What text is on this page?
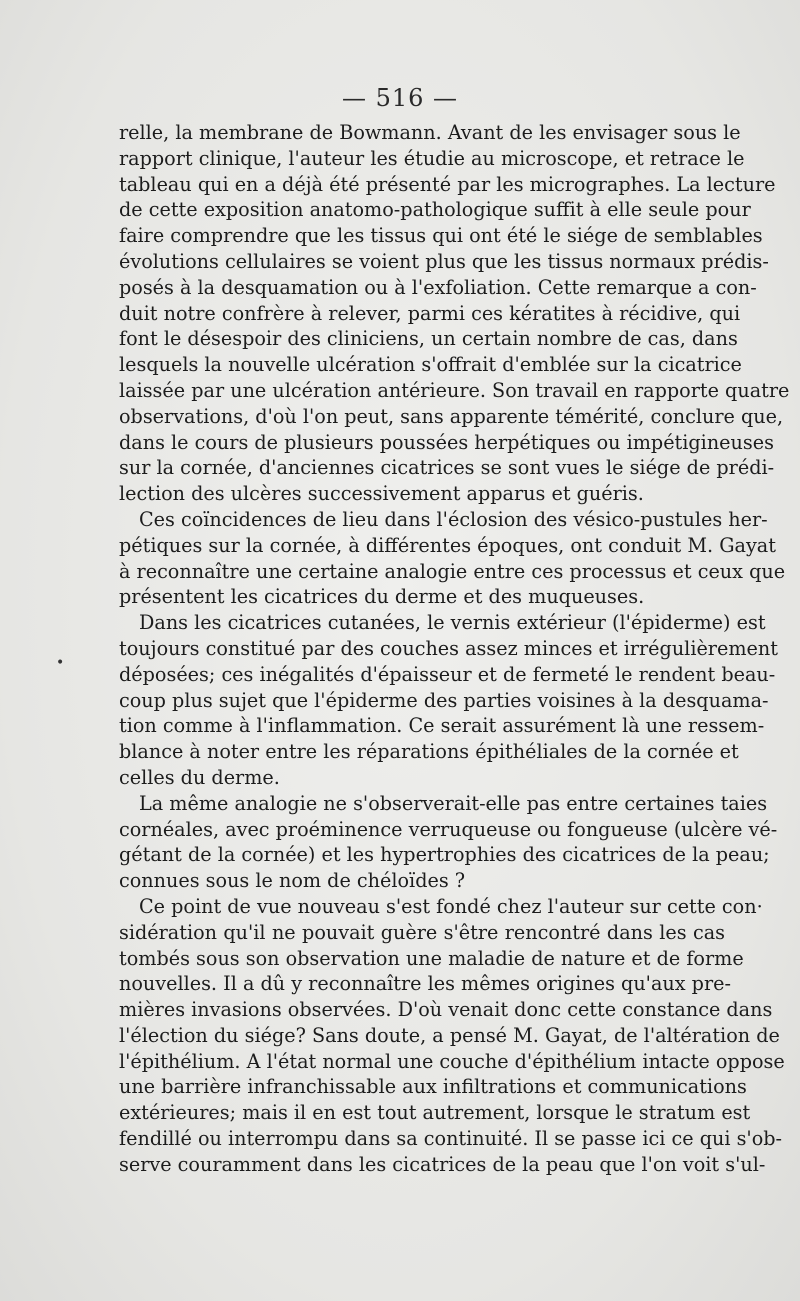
— 516 —
•
relle, la membrane de Bowmann. Avant de les envisager sous le
rapport clinique, l'auteur les étudie au microscope, et retrace le
tableau qui en a déjà été présenté par les micrographes. La lecture
de cette exposition anatomo-pathologique suffit à elle seule pour
faire comprendre que les tissus qui ont été le siége de semblables
évolutions cellulaires se voient plus que les tissus normaux prédis-
posés à la desquamation ou à l'exfoliation. Cette remarque a con-
duit notre confrère à relever, parmi ces kératites à récidive, qui
font le désespoir des cliniciens, un certain nombre de cas, dans
lesquels la nouvelle ulcération s'offrait d'emblée sur la cicatrice
laissée par une ulcération antérieure. Son travail en rapporte quatre
observations, d'où l'on peut, sans apparente témérité, conclure que,
dans le cours de plusieurs poussées herpétiques ou impétigineuses
sur la cornée, d'anciennes cicatrices se sont vues le siége de prédi-
lection des ulcères successivement apparus et guéris.
Ces coïncidences de lieu dans l'éclosion des vésico-pustules her-
pétiques sur la cornée, à différentes époques, ont conduit M. Gayat
à reconnaître une certaine analogie entre ces processus et ceux que
présentent les cicatrices du derme et des muqueuses.
Dans les cicatrices cutanées, le vernis extérieur (l'épiderme) est
toujours constitué par des couches assez minces et irrégulièrement
déposées; ces inégalités d'épaisseur et de fermeté le rendent beau-
coup plus sujet que l'épiderme des parties voisines à la desquama-
tion comme à l'inflammation. Ce serait assurément là une ressem-
blance à noter entre les réparations épithéliales de la cornée et
celles du derme.
La même analogie ne s'observerait-elle pas entre certaines taies
cornéales, avec proéminence verruqueuse ou fongueuse (ulcère vé-
gétant de la cornée) et les hypertrophies des cicatrices de la peau;
connues sous le nom de chéloïdes ?
Ce point de vue nouveau s'est fondé chez l'auteur sur cette con·
sidération qu'il ne pouvait guère s'être rencontré dans les cas
tombés sous son observation une maladie de nature et de forme
nouvelles. Il a dû y reconnaître les mêmes origines qu'aux pre-
mières invasions observées. D'où venait donc cette constance dans
l'élection du siége? Sans doute, a pensé M. Gayat, de l'altération de
l'épithélium. A l'état normal une couche d'épithélium intacte oppose
une barrière infranchissable aux infiltrations et communications
extérieures; mais il en est tout autrement, lorsque le stratum est
fendillé ou interrompu dans sa continuité. Il se passe ici ce qui s'ob-
serve couramment dans les cicatrices de la peau que l'on voit s'ul-
